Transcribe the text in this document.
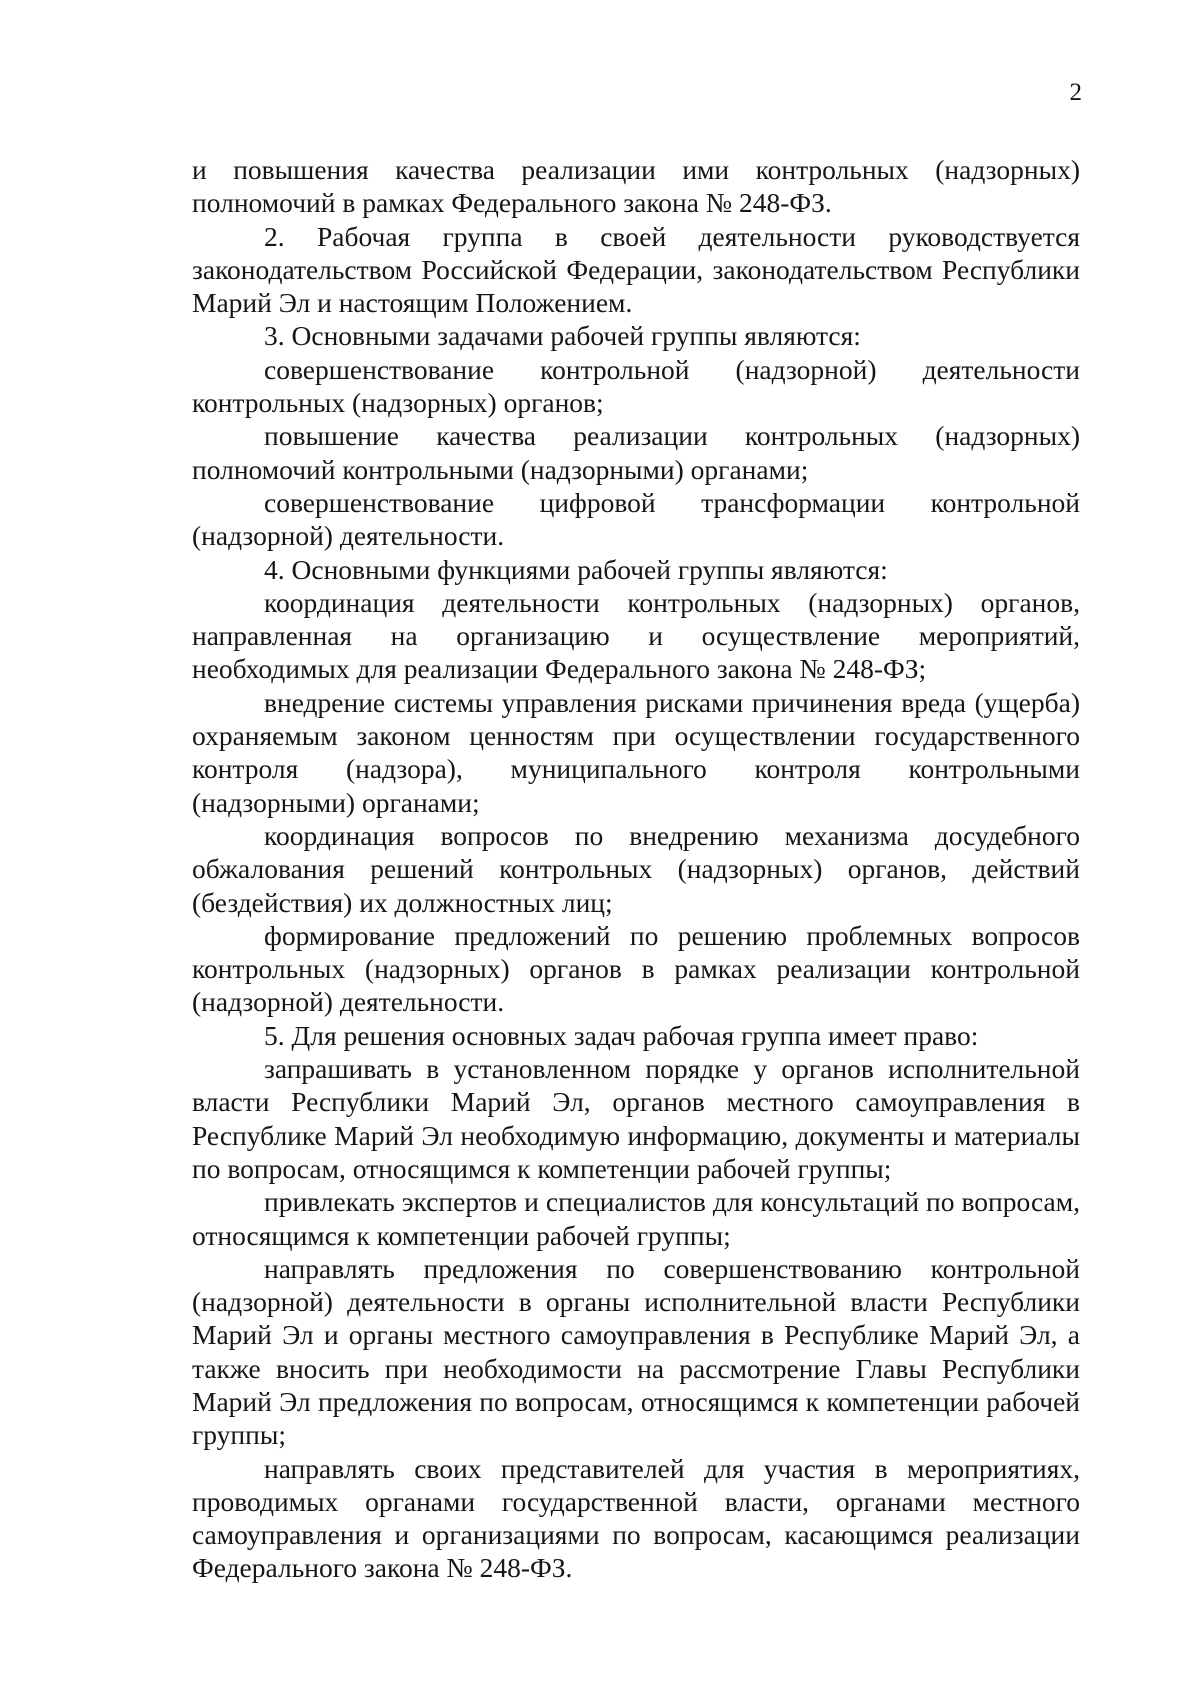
2

и повышения качества реализации ими контрольных (надзорных) полномочий в рамках Федерального закона № 248-ФЗ.

2. Рабочая группа в своей деятельности руководствуется законодательством Российской Федерации, законодательством Республики Марий Эл и настоящим Положением.

3. Основными задачами рабочей группы являются:

совершенствование контрольной (надзорной) деятельности контрольных (надзорных) органов;

повышение качества реализации контрольных (надзорных) полномочий контрольными (надзорными) органами;

совершенствование цифровой трансформации контрольной (надзорной) деятельности.

4. Основными функциями рабочей группы являются:

координация деятельности контрольных (надзорных) органов, направленная на организацию и осуществление мероприятий, необходимых для реализации Федерального закона № 248-ФЗ;

внедрение системы управления рисками причинения вреда (ущерба) охраняемым законом ценностям при осуществлении государственного контроля (надзора), муниципального контроля контрольными (надзорными) органами;

координация вопросов по внедрению механизма досудебного обжалования решений контрольных (надзорных) органов, действий (бездействия) их должностных лиц;

формирование предложений по решению проблемных вопросов контрольных (надзорных) органов в рамках реализации контрольной (надзорной) деятельности.

5. Для решения основных задач рабочая группа имеет право:

запрашивать в установленном порядке у органов исполнительной власти Республики Марий Эл, органов местного самоуправления в Республике Марий Эл необходимую информацию, документы и материалы по вопросам, относящимся к компетенции рабочей группы;

привлекать экспертов и специалистов для консультаций по вопросам, относящимся к компетенции рабочей группы;

направлять предложения по совершенствованию контрольной (надзорной) деятельности в органы исполнительной власти Республики Марий Эл и органы местного самоуправления в Республике Марий Эл, а также вносить при необходимости на рассмотрение Главы Республики Марий Эл предложения по вопросам, относящимся к компетенции рабочей группы;

направлять своих представителей для участия в мероприятиях, проводимых органами государственной власти, органами местного самоуправления и организациями по вопросам, касающимся реализации Федерального закона № 248-ФЗ.
